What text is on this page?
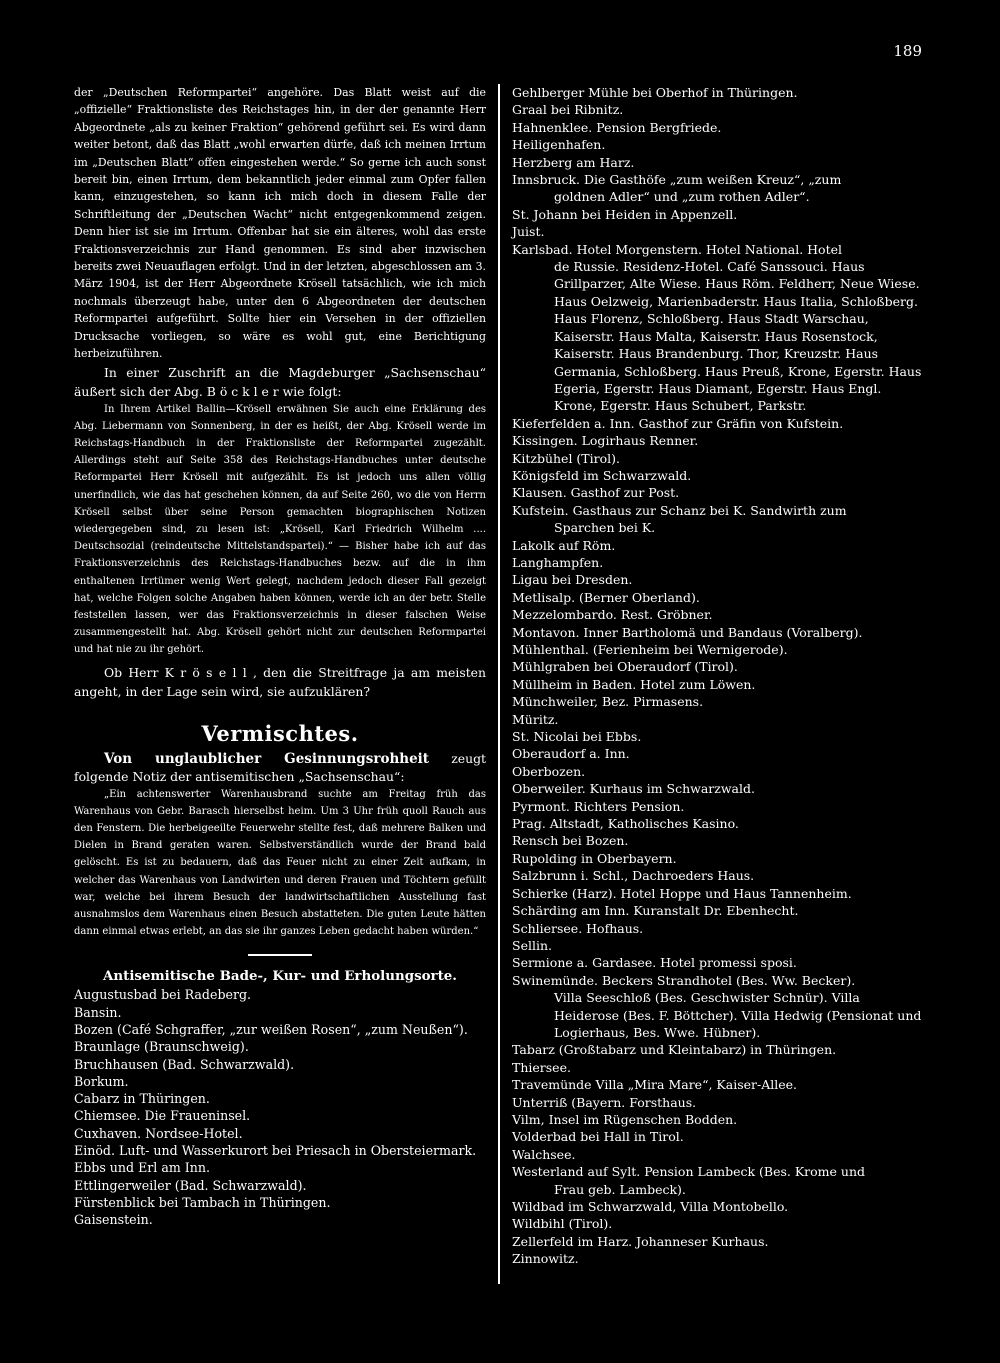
189

der „Deutschen Reformpartei“ angehöre. Das Blatt weist auf die „offizielle“ Fraktionsliste des Reichstages hin, in der der genannte Herr Abgeordnete „als zu keiner Fraktion“ gehörend geführt sei. Es wird dann weiter betont, daß das Blatt „wohl erwarten dürfe, daß ich meinen Irrtum im „Deutschen Blatt“ offen eingestehen werde.“ So gerne ich auch sonst bereit bin, einen Irrtum, dem bekanntlich jeder einmal zum Opfer fallen kann, einzugestehen, so kann ich mich doch in diesem Falle der Schriftleitung der „Deutschen Wacht“ nicht entgegenkommend zeigen. Denn hier ist sie im Irrtum. Offenbar hat sie ein älteres, wohl das erste Fraktionsverzeichnis zur Hand genommen. Es sind aber inzwischen bereits zwei Neuauflagen erfolgt. Und in der letzten, abgeschlossen am 3. März 1904, ist der Herr Abgeordnete Krösell tatsächlich, wie ich mich nochmals überzeugt habe, unter den 6 Abgeordneten der deutschen Reformpartei aufgeführt. Sollte hier ein Versehen in der offiziellen Drucksache vorliegen, so wäre es wohl gut, eine Berichtigung herbeizuführen.

In einer Zuschrift an die Magdeburger „Sachsenschau“ äußert sich der Abg. B ö c k l e r wie folgt:

In Ihrem Artikel Ballin—Krösell erwähnen Sie auch eine Erklärung des Abg. Liebermann von Sonnenberg, in der es heißt, der Abg. Krösell werde im Reichstags-Handbuch in der Fraktionsliste der Reformpartei zugezählt. Allerdings steht auf Seite 358 des Reichstags-Handbuches unter deutsche Reformpartei Herr Krösell mit aufgezählt. Es ist jedoch uns allen völlig unerfindlich, wie das hat geschehen können, da auf Seite 260, wo die von Herrn Krösell selbst über seine Person gemachten biographischen Notizen wiedergegeben sind, zu lesen ist: „Krösell, Karl Friedrich Wilhelm .... Deutschsozial (reindeutsche Mittelstandspartei).“ — Bisher habe ich auf das Fraktionsverzeichnis des Reichstags-Handbuches bezw. auf die in ihm enthaltenen Irrtümer wenig Wert gelegt, nachdem jedoch dieser Fall gezeigt hat, welche Folgen solche Angaben haben können, werde ich an der betr. Stelle feststellen lassen, wer das Fraktionsverzeichnis in dieser falschen Weise zusammengestellt hat. Abg. Krösell gehört nicht zur deutschen Reformpartei und hat nie zu ihr gehört.

Ob Herr K r ö s e l l , den die Streitfrage ja am meisten angeht, in der Lage sein wird, sie aufzuklären?

Vermischtes.

Von unglaublicher Gesinnungsrohheit zeugt folgende Notiz der antisemitischen „Sachsenschau“:

„Ein achtenswerter Warenhausbrand suchte am Freitag früh das Warenhaus von Gebr. Barasch hierselbst heim. Um 3 Uhr früh quoll Rauch aus den Fenstern. Die herbeigeeilte Feuerwehr stellte fest, daß mehrere Balken und Dielen in Brand geraten waren. Selbstverständlich wurde der Brand bald gelöscht. Es ist zu bedauern, daß das Feuer nicht zu einer Zeit aufkam, in welcher das Warenhaus von Landwirten und deren Frauen und Töchtern gefüllt war, welche bei ihrem Besuch der landwirtschaftlichen Ausstellung fast ausnahmslos dem Warenhaus einen Besuch abstatteten. Die guten Leute hätten dann einmal etwas erlebt, an das sie ihr ganzes Leben gedacht haben würden.“

Antisemitische Bade-, Kur- und Erholungsorte.
Augustusbad bei Radeberg.
Bansin.
Bozen (Café Schgraffer, „zur weißen Rosen“, „zum Neußen“).
Braunlage (Braunschweig).
Bruchhausen (Bad. Schwarzwald).
Borkum.
Cabarz in Thüringen.
Chiemsee. Die Fraueninsel.
Cuxhaven. Nordsee-Hotel.
Einöd. Luft- und Wasserkurort bei Priesach in Obersteiermark.
Ebbs und Erl am Inn.
Ettlingerweiler (Bad. Schwarzwald).
Fürstenblick bei Tambach in Thüringen.
Gaisenstein.
Gehlberger Mühle bei Oberhof in Thüringen.
Graal bei Ribnitz.
Hahnenklee. Pension Bergfriede.
Heiligenhafen.
Herzberg am Harz.
Innsbruck. Die Gasthöfe „zum weißen Kreuz“, „zum
goldnen Adler“ und „zum rothen Adler“.
St. Johann bei Heiden in Appenzell.
Juist.
Karlsbad. Hotel Morgenstern. Hotel National. Hotel
de Russie. Residenz-Hotel. Café Sanssouci. Haus Grillparzer, Alte Wiese. Haus Röm. Feldherr, Neue Wiese. Haus Oelzweig, Marienbaderstr. Haus Italia, Schloßberg. Haus Florenz, Schloßberg. Haus Stadt Warschau, Kaiserstr. Haus Malta, Kaiserstr. Haus Rosenstock, Kaiserstr. Haus Brandenburg. Thor, Kreuzstr. Haus Germania, Schloßberg. Haus Preuß, Krone, Egerstr. Haus Egeria, Egerstr. Haus Diamant, Egerstr. Haus Engl. Krone, Egerstr. Haus Schubert, Parkstr.
Kieferfelden a. Inn. Gasthof zur Gräfin von Kufstein.
Kissingen. Logirhaus Renner.
Kitzbühel (Tirol).
Königsfeld im Schwarzwald.
Klausen. Gasthof zur Post.
Kufstein. Gasthaus zur Schanz bei K. Sandwirth zum
Sparchen bei K.
Lakolk auf Röm.
Langhampfen.
Ligau bei Dresden.
Metlisalp. (Berner Oberland).
Mezzelombardo. Rest. Gröbner.
Montavon. Inner Bartholomä und Bandaus (Voralberg).
Mühlenthal. (Ferienheim bei Wernigerode).
Mühlgraben bei Oberaudorf (Tirol).
Müllheim in Baden. Hotel zum Löwen.
Münchweiler, Bez. Pirmasens.
Müritz.
St. Nicolai bei Ebbs.
Oberaudorf a. Inn.
Oberbozen.
Oberweiler. Kurhaus im Schwarzwald.
Pyrmont. Richters Pension.
Prag. Altstadt, Katholisches Kasino.
Rensch bei Bozen.
Rupolding in Oberbayern.
Salzbrunn i. Schl., Dachroeders Haus.
Schierke (Harz). Hotel Hoppe und Haus Tannenheim.
Schärding am Inn. Kuranstalt Dr. Ebenhecht.
Schliersee. Hofhaus.
Sellin.
Sermione a. Gardasee. Hotel promessi sposi.
Swinemünde. Beckers Strandhotel (Bes. Ww. Becker).
Villa Seeschloß (Bes. Geschwister Schnür). Villa Heiderose (Bes. F. Böttcher). Villa Hedwig (Pensionat und Logierhaus, Bes. Wwe. Hübner).
Tabarz (Großtabarz und Kleintabarz) in Thüringen.
Thiersee.
Travemünde Villa „Mira Mare“, Kaiser-Allee.
Unterriß (Bayern. Forsthaus.
Vilm, Insel im Rügenschen Bodden.
Volderbad bei Hall in Tirol.
Walchsee.
Westerland auf Sylt. Pension Lambeck (Bes. Krome und
Frau geb. Lambeck).
Wildbad im Schwarzwald, Villa Montobello.
Wildbihl (Tirol).
Zellerfeld im Harz. Johanneser Kurhaus.
Zinnowitz.
